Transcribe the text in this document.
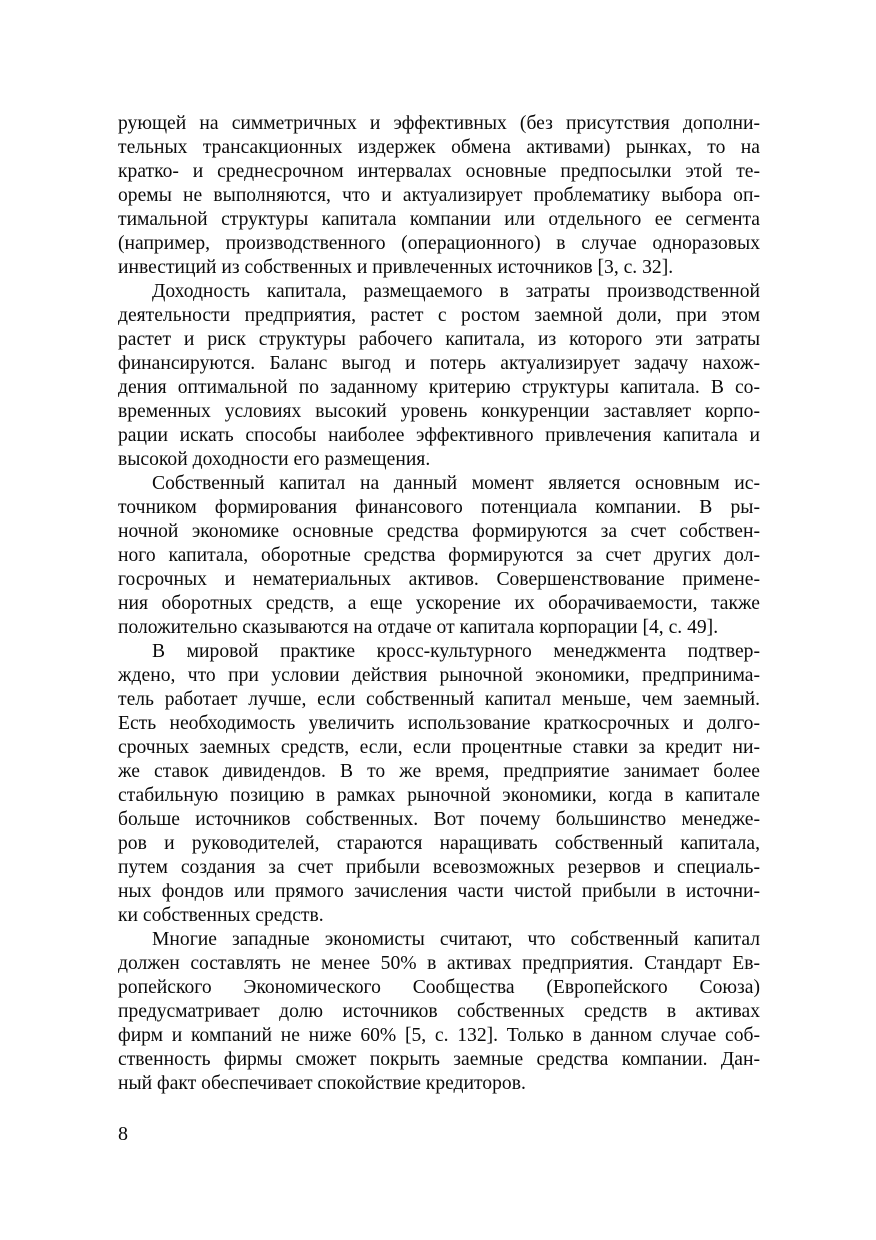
рующей на симметричных и эффективных (без присутствия дополни-
тельных трансакционных издержек обмена активами) рынках, то на
кратко- и среднесрочном интервалах основные предпосылки этой те-
оремы не выполняются, что и актуализирует проблематику выбора оп-
тимальной структуры капитала компании или отдельного ее сегмента
(например, производственного (операционного) в случае одноразовых
инвестиций из собственных и привлеченных источников [3, с. 32].

Доходность капитала, размещаемого в затраты производственной
деятельности предприятия, растет с ростом заемной доли, при этом
растет и риск структуры рабочего капитала, из которого эти затраты
финансируются. Баланс выгод и потерь актуализирует задачу нахож-
дения оптимальной по заданному критерию структуры капитала. В со-
временных условиях высокий уровень конкуренции заставляет корпо-
рации искать способы наиболее эффективного привлечения капитала и
высокой доходности его размещения.

Собственный капитал на данный момент является основным ис-
точником формирования финансового потенциала компании. В ры-
ночной экономике основные средства формируются за счет собствен-
ного капитала, оборотные средства формируются за счет других дол-
госрочных и нематериальных активов. Совершенствование примене-
ния оборотных средств, а еще ускорение их оборачиваемости, также
положительно сказываются на отдаче от капитала корпорации [4, с. 49].

В мировой практике кросс-культурного менеджмента подтвер-
ждено, что при условии действия рыночной экономики, предпринима-
тель работает лучше, если собственный капитал меньше, чем заемный.
Есть необходимость увеличить использование краткосрочных и долго-
срочных заемных средств, если, если процентные ставки за кредит ни-
же ставок дивидендов. В то же время, предприятие занимает более
стабильную позицию в рамках рыночной экономики, когда в капитале
больше источников собственных. Вот почему большинство менедже-
ров и руководителей, стараются наращивать собственный капитала,
путем создания за счет прибыли всевозможных резервов и специаль-
ных фондов или прямого зачисления части чистой прибыли в источни-
ки собственных средств.

Многие западные экономисты считают, что собственный капитал
должен составлять не менее 50% в активах предприятия. Стандарт Ев-
ропейского Экономического Сообщества (Европейского Союза)
предусматривает долю источников собственных средств в активах
фирм и компаний не ниже 60% [5, с. 132]. Только в данном случае соб-
ственность фирмы сможет покрыть заемные средства компании. Дан-
ный факт обеспечивает спокойствие кредиторов.

8
